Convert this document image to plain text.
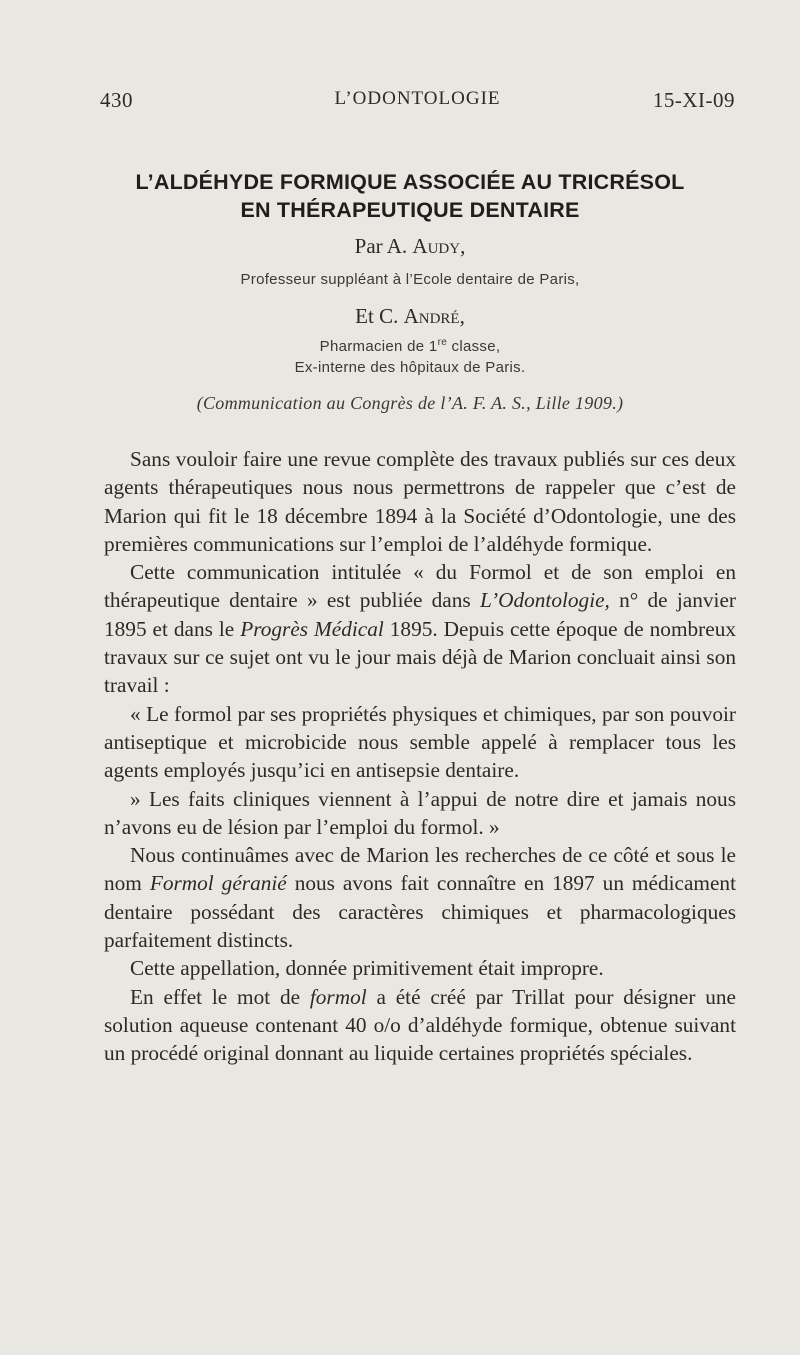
430	L’ODONTOLOGIE	15-XI-09
L’ALDÉHYDE FORMIQUE ASSOCIÉE AU TRICRÉSOL
EN THÉRAPEUTIQUE DENTAIRE
Par A. Audy,
Professeur suppléant à l’Ecole dentaire de Paris,
Et C. André,
Pharmacien de 1re classe,
Ex-interne des hôpitaux de Paris.
(Communication au Congrès de l’A. F. A. S., Lille 1909.)

Sans vouloir faire une revue complète des travaux publiés sur ces deux agents thérapeutiques nous nous permettrons de rappeler que c’est de Marion qui fit le 18 décembre 1894 à la Société d’Odontologie, une des premières communications sur l’emploi de l’aldéhyde formique.

Cette communication intitulée « du Formol et de son emploi en thérapeutique dentaire » est publiée dans L’Odontologie, n° de janvier 1895 et dans le Progrès Médical 1895. Depuis cette époque de nombreux travaux sur ce sujet ont vu le jour mais déjà de Marion concluait ainsi son travail :

« Le formol par ses propriétés physiques et chimiques, par son pouvoir antiseptique et microbicide nous semble appelé à remplacer tous les agents employés jusqu’ici en antisepsie dentaire.

» Les faits cliniques viennent à l’appui de notre dire et jamais nous n’avons eu de lésion par l’emploi du formol. »

Nous continuâmes avec de Marion les recherches de ce côté et sous le nom Formol géranié nous avons fait connaître en 1897 un médicament dentaire possédant des caractères chimiques et pharmacologiques parfaitement distincts.

Cette appellation, donnée primitivement était impropre.

En effet le mot de formol a été créé par Trillat pour désigner une solution aqueuse contenant 40 o/o d’aldéhyde formique, obtenue suivant un procédé original donnant au liquide certaines propriétés spéciales.
